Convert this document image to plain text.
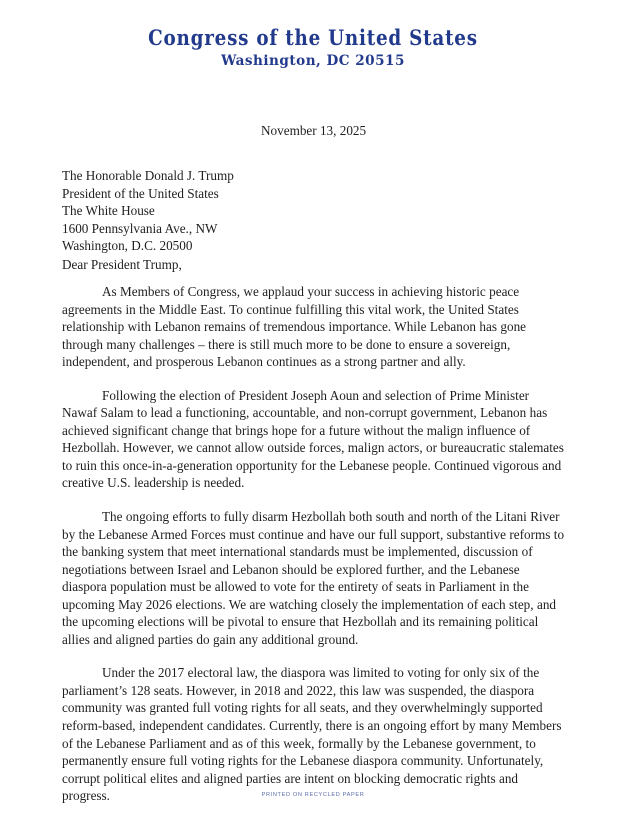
Congress of the United States
Washington, DC 20515
November 13, 2025
The Honorable Donald J. Trump
President of the United States
The White House
1600 Pennsylvania Ave., NW
Washington, D.C. 20500
Dear President Trump,

As Members of Congress, we applaud your success in achieving historic peace agreements in the Middle East. To continue fulfilling this vital work, the United States relationship with Lebanon remains of tremendous importance. While Lebanon has gone through many challenges – there is still much more to be done to ensure a sovereign, independent, and prosperous Lebanon continues as a strong partner and ally.

Following the election of President Joseph Aoun and selection of Prime Minister Nawaf Salam to lead a functioning, accountable, and non-corrupt government, Lebanon has achieved significant change that brings hope for a future without the malign influence of Hezbollah. However, we cannot allow outside forces, malign actors, or bureaucratic stalemates to ruin this once-in-a-generation opportunity for the Lebanese people. Continued vigorous and creative U.S. leadership is needed.

The ongoing efforts to fully disarm Hezbollah both south and north of the Litani River by the Lebanese Armed Forces must continue and have our full support, substantive reforms to the banking system that meet international standards must be implemented, discussion of negotiations between Israel and Lebanon should be explored further, and the Lebanese diaspora population must be allowed to vote for the entirety of seats in Parliament in the upcoming May 2026 elections. We are watching closely the implementation of each step, and the upcoming elections will be pivotal to ensure that Hezbollah and its remaining political allies and aligned parties do gain any additional ground.

Under the 2017 electoral law, the diaspora was limited to voting for only six of the parliament’s 128 seats. However, in 2018 and 2022, this law was suspended, the diaspora community was granted full voting rights for all seats, and they overwhelmingly supported reform-based, independent candidates. Currently, there is an ongoing effort by many Members of the Lebanese Parliament and as of this week, formally by the Lebanese government, to permanently ensure full voting rights for the Lebanese diaspora community. Unfortunately, corrupt political elites and aligned parties are intent on blocking democratic rights and progress.	PRINTED ON RECYCLED PAPER
